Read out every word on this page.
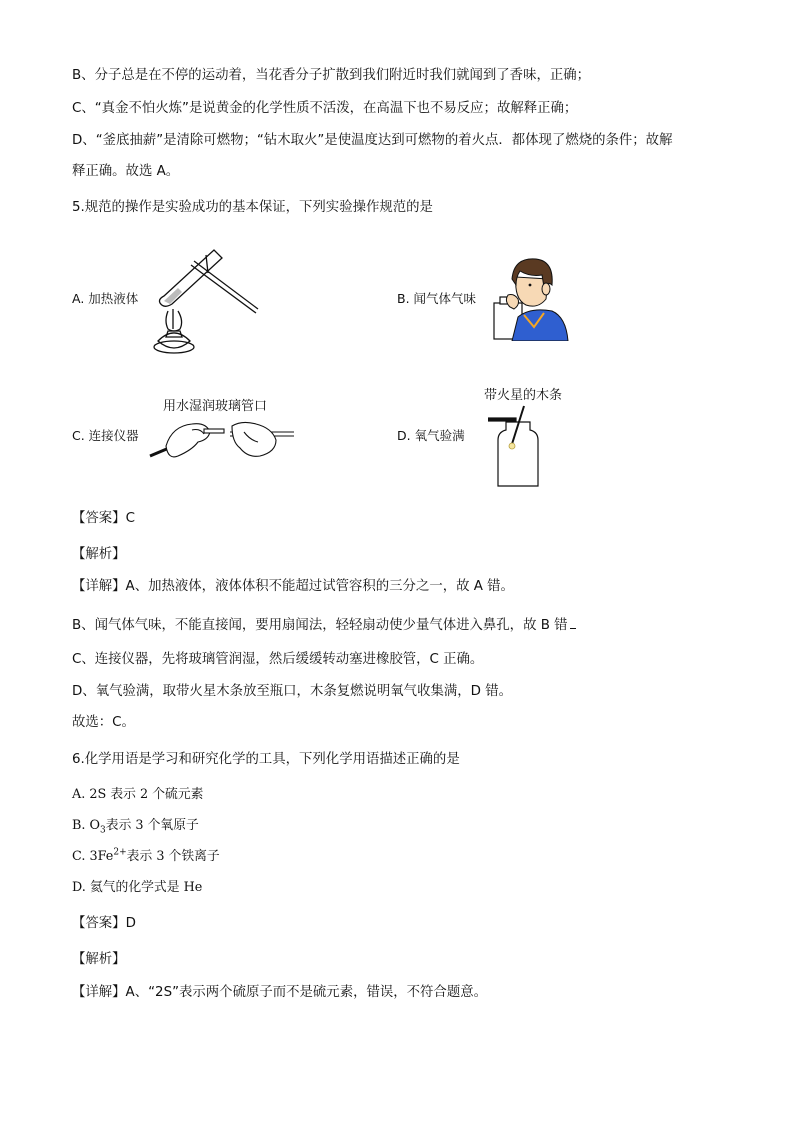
B、分子总是在不停的运动着，当花香分子扩散到我们附近时我们就闻到了香味，正确；

C、“真金不怕火炼”是说黄金的化学性质不活泼，在高温下也不易反应；故解释正确；

D、“釜底抽薪”是清除可燃物；“钻木取火”是使温度达到可燃物的着火点．都体现了燃烧的条件；故解

释正确。故选 A。

5.规范的操作是实验成功的基本保证，下列实验操作规范的是

A. 加热液体	B. 闻气体气味
C. 连接仪器
用水湿润玻璃管口
D. 氧气验满
带火星的木条

【答案】C

【解析】

【详解】A、加热液体，液体体积不能超过试管容积的三分之一，故 A 错。

B、闻气体气味，不能直接闻，要用扇闻法，轻轻扇动使少量气体进入鼻孔，故 B 错

C、连接仪器，先将玻璃管润湿，然后缓缓转动塞进橡胶管，C 正确。

D、氧气验满，取带火星木条放至瓶口，木条复燃说明氧气收集满，D 错。

故选：C。

6.化学用语是学习和研究化学的工具，下列化学用语描述正确的是

A. 2S 表示 2 个硫元素

B. $O_3$表示 3 个氧原子

C. $3Fe^{2+}$表示 3 个铁离子

D. 氦气的化学式是 He

【答案】D

【解析】

【详解】A、“2S”表示两个硫原子而不是硫元素，错误，不符合题意。
